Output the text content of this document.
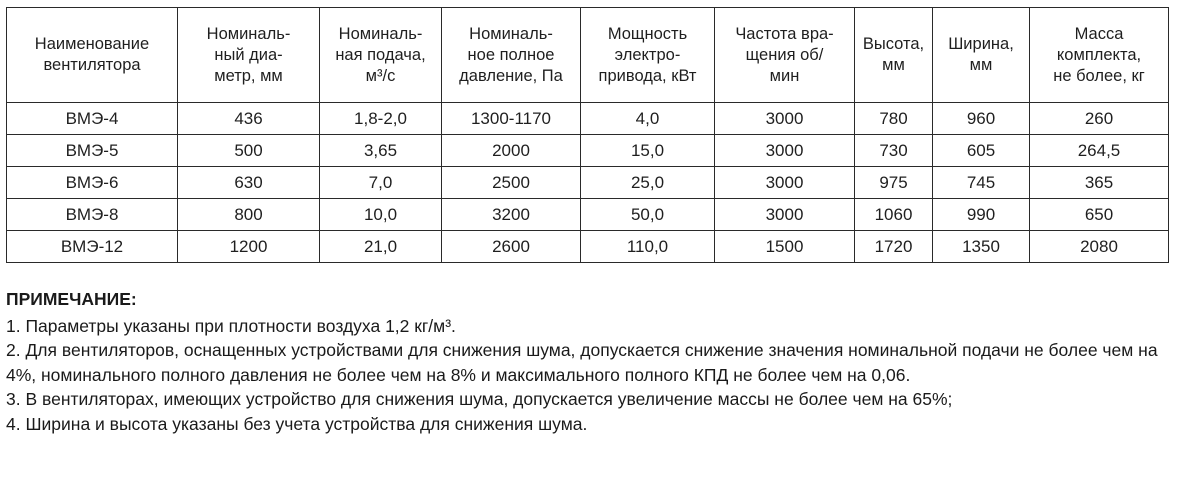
Наименование
вентилятора	Номиналь-
ный диа-
метр, мм	Номиналь-
ная подача,
м³/с	Номиналь-
ное полное
давление, Па	Мощность
электро-
привода, кВт	Частота вра-
щения об/
мин	Высота,
мм	Ширина,
мм	Масса
комплекта,
не более, кг
ВМЭ-4	436	1,8-2,0	1300-1170	4,0	3000	780	960	260
ВМЭ-5	500	3,65	2000	15,0	3000	730	605	264,5
ВМЭ-6	630	7,0	2500	25,0	3000	975	745	365
ВМЭ-8	800	10,0	3200	50,0	3000	1060	990	650
ВМЭ-12	1200	21,0	2600	110,0	1500	1720	1350	2080
ПРИМЕЧАНИЕ:

1. Параметры указаны при плотности воздуха 1,2 кг/м³.

2. Для вентиляторов, оснащенных устройствами для снижения шума, допускается снижение значения номинальной подачи не более чем на 4%, номинального полного давления не более чем на 8% и максимального полного КПД не более чем на 0,06.

3. В вентиляторах, имеющих устройство для снижения шума, допускается увеличение массы не более чем на 65%;

4. Ширина и высота указаны без учета устройства для снижения шума.
